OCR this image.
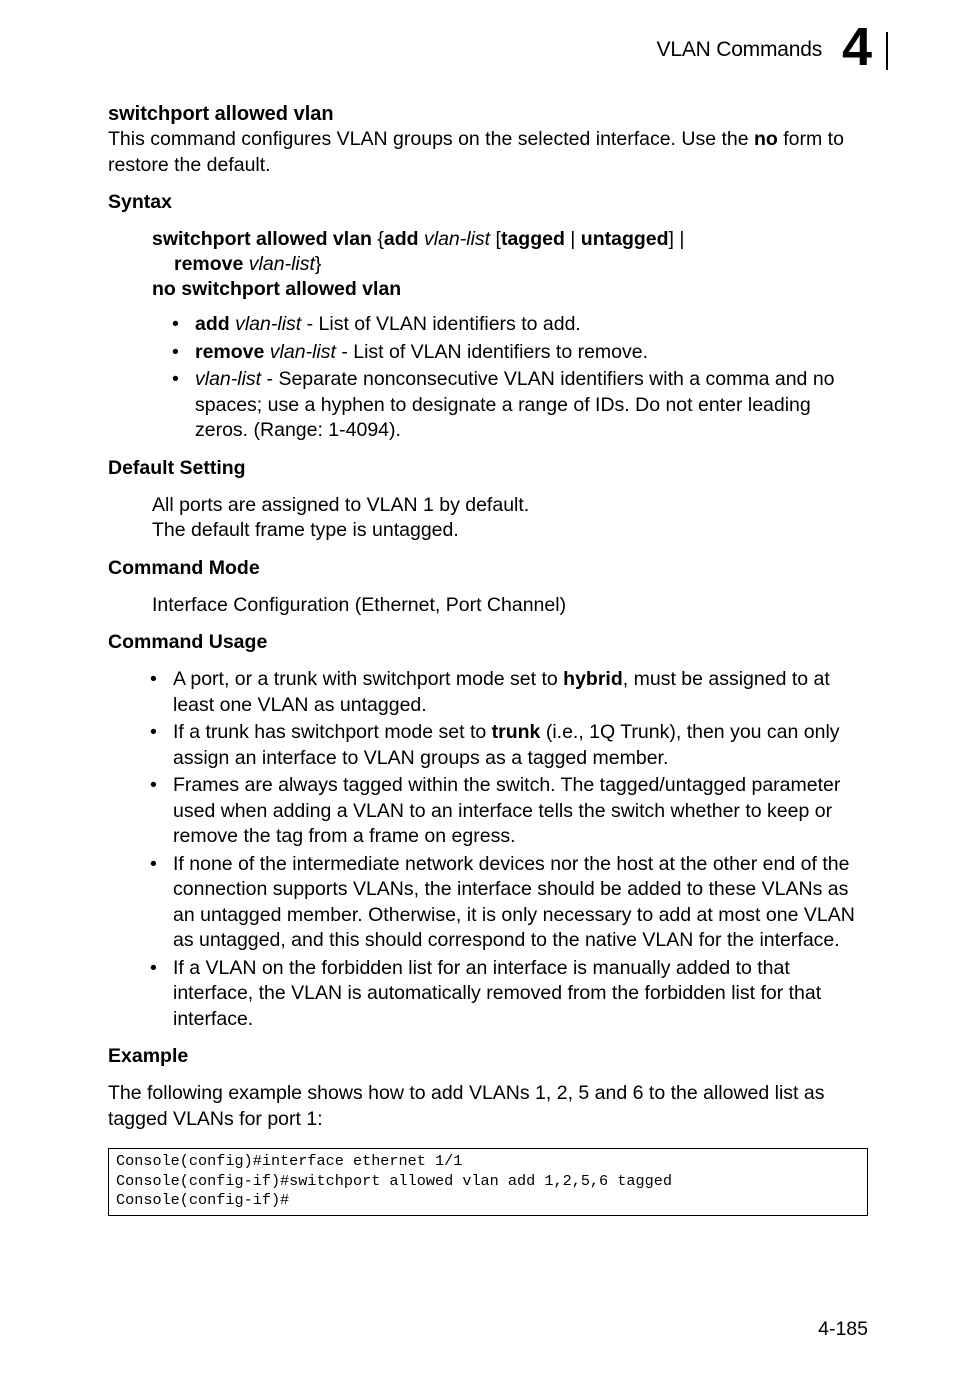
VLAN Commands 4
switchport allowed vlan

This command configures VLAN groups on the selected interface. Use the no form to restore the default.

Syntax
switchport allowed vlan {add vlan-list [tagged | untagged] |
remove vlan-list}
no switchport allowed vlan
• add vlan-list - List of VLAN identifiers to add.
• remove vlan-list - List of VLAN identifiers to remove.
• vlan-list - Separate nonconsecutive VLAN identifiers with a comma and no spaces; use a hyphen to designate a range of IDs. Do not enter leading zeros. (Range: 1-4094).
Default Setting

All ports are assigned to VLAN 1 by default.

The default frame type is untagged.

Command Mode

Interface Configuration (Ethernet, Port Channel)

Command Usage
• A port, or a trunk with switchport mode set to hybrid, must be assigned to at least one VLAN as untagged.
• If a trunk has switchport mode set to trunk (i.e., 1Q Trunk), then you can only assign an interface to VLAN groups as a tagged member.
• Frames are always tagged within the switch. The tagged/untagged parameter used when adding a VLAN to an interface tells the switch whether to keep or remove the tag from a frame on egress.
• If none of the intermediate network devices nor the host at the other end of the connection supports VLANs, the interface should be added to these VLANs as an untagged member. Otherwise, it is only necessary to add at most one VLAN as untagged, and this should correspond to the native VLAN for the interface.
• If a VLAN on the forbidden list for an interface is manually added to that interface, the VLAN is automatically removed from the forbidden list for that interface.
Example

The following example shows how to add VLANs 1, 2, 5 and 6 to the allowed list as tagged VLANs for port 1:

Console(config)#interface ethernet 1/1
Console(config-if)#switchport allowed vlan add 1,2,5,6 tagged
Console(config-if)#
4-185
